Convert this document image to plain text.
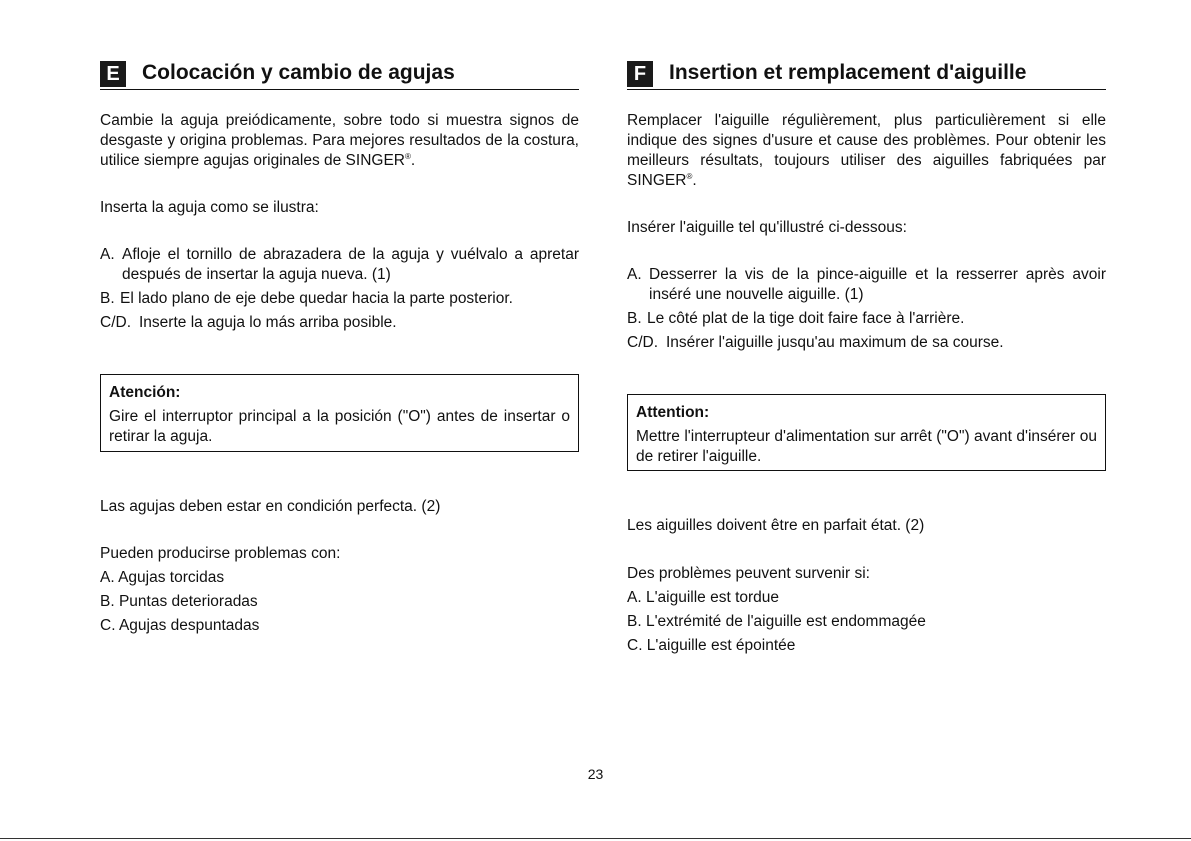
E	Colocación y cambio de agujas
Cambie la aguja preiódicamente, sobre todo si muestra signos de desgaste y origina problemas. Para mejores resultados de la costura, utilice siempre agujas originales de SINGER®.
Inserta la aguja como se ilustra:
A. Afloje el tornillo de abrazadera de la aguja y vuélvalo a apretar después de insertar la aguja nueva. (1)
B. El lado plano de eje debe quedar hacia la parte posterior.
C/D. Inserte la aguja lo más arriba posible.
Atención:
Gire el interruptor principal a la posición ("O") antes de insertar o retirar la aguja.
Las agujas deben estar en condición perfecta. (2)
Pueden producirse problemas con:
A. Agujas torcidas
B. Puntas deterioradas
C. Agujas despuntadas
F	Insertion et remplacement d'aiguille
Remplacer l'aiguille régulièrement, plus particulièrement si elle indique des signes d'usure et cause des problèmes. Pour obtenir les meilleurs résultats, toujours utiliser des aiguilles fabriquées par SINGER®.
Insérer l'aiguille tel qu'illustré ci-dessous:
A. Desserrer la vis de la pince-aiguille et la resserrer après avoir inséré une nouvelle aiguille. (1)
B. Le côté plat de la tige doit faire face à l'arrière.
C/D. Insérer l'aiguille jusqu'au maximum de sa course.
Attention:
Mettre l'interrupteur d'alimentation sur arrêt ("O") avant d'insérer ou de retirer l'aiguille.
Les aiguilles doivent être en parfait état. (2)
Des problèmes peuvent survenir si:
A. L'aiguille est tordue
B. L'extrémité de l'aiguille est endommagée
C. L'aiguille est épointée
23
